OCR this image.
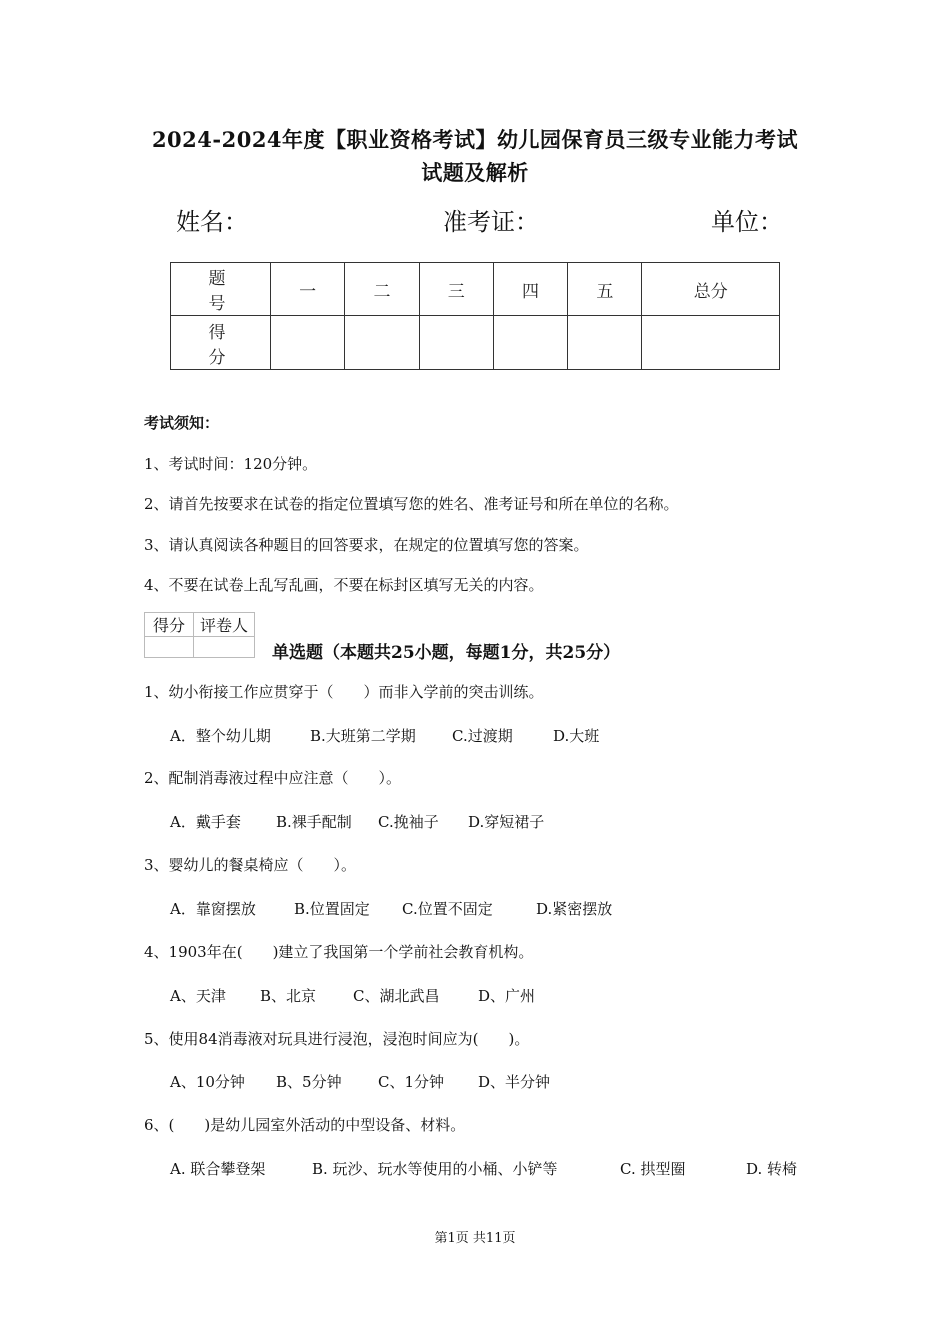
2024-2024年度【职业资格考试】幼儿园保育员三级专业能力考试
试题及解析
姓名：	准考证：	单位：
题 号	一	二	三	四	五	总分
得 分						
考试须知：
1、考试时间：120分钟。
2、请首先按要求在试卷的指定位置填写您的姓名、准考证号和所在单位的名称。
3、请认真阅读各种题目的回答要求，在规定的位置填写您的答案。
4、不要在试卷上乱写乱画，不要在标封区填写无关的内容。
得分	评卷人

单选题（本题共25小题，每题1分，共25分）
1、幼小衔接工作应贯穿于（　　）而非入学前的突击训练。
A．整个幼儿期	B.大班第二学期 C.过渡期	D.大班
2、配制消毒液过程中应注意（　　）。
A．戴手套 B.裸手配制 C.挽袖子 D.穿短裙子
3、婴幼儿的餐桌椅应（　　）。
A．靠窗摆放	B.位置固定 C.位置不固定	D.紧密摆放
4、1903年在(　　)建立了我国第一个学前社会教育机构。
A、天津 B、北京 C、湖北武昌	D、广州
5、使用84消毒液对玩具进行浸泡，浸泡时间应为(　　)。
A、10分钟 B、5分钟 C、1分钟 D、半分钟
6、(　　)是幼儿园室外活动的中型设备、材料。
A. 联合攀登架	B. 玩沙、玩水等使用的小桶、小铲等	C. 拱型圈	D. 转椅
第1页 共11页
